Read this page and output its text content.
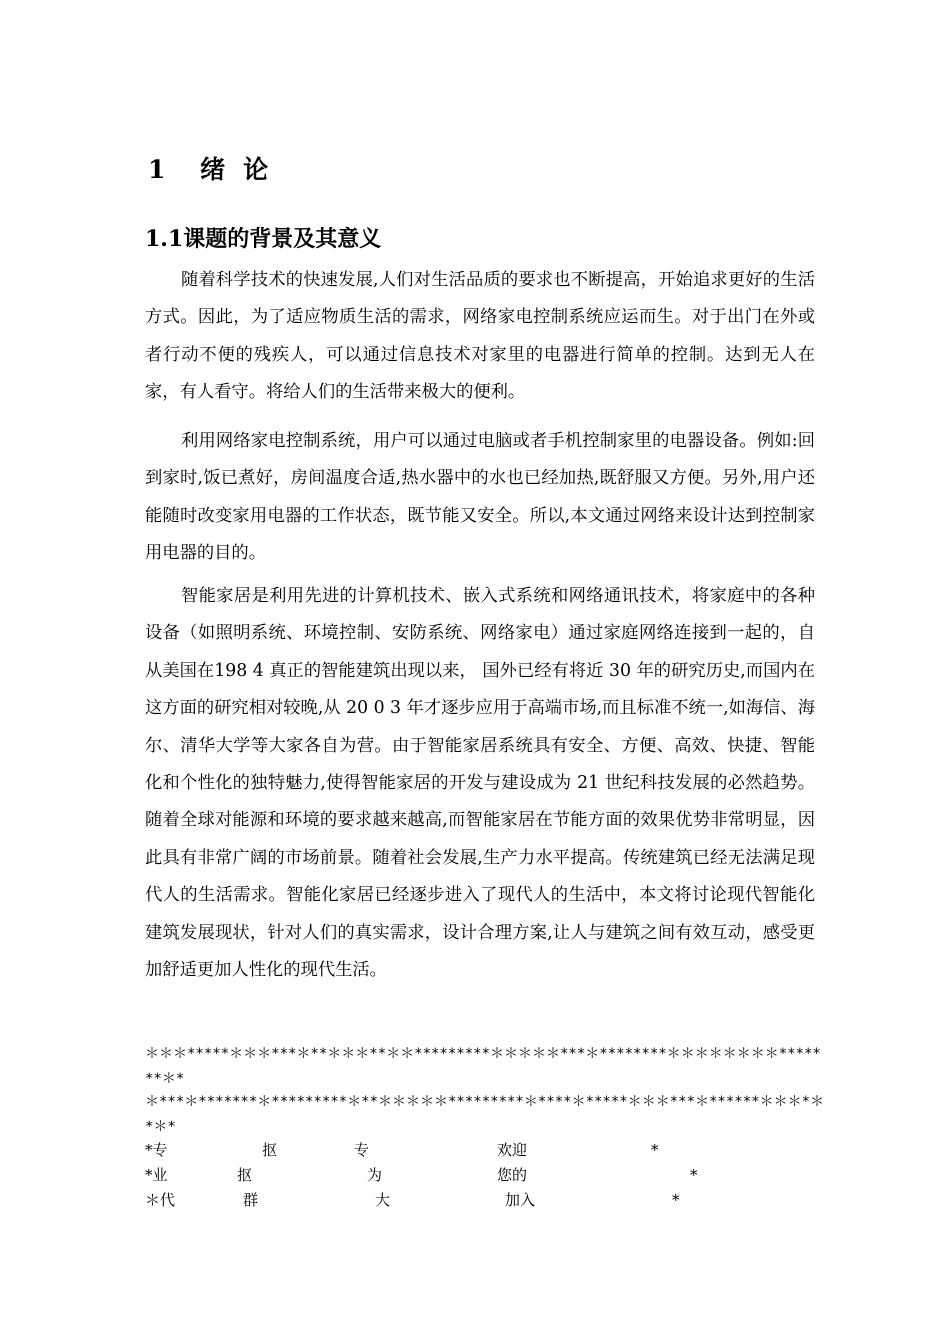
1 绪 论
1.1课题的背景及其意义

随着科学技术的快速发展,人们对生活品质的要求也不断提高，开始追求更好的生活方式。因此，为了适应物质生活的需求，网络家电控制系统应运而生。对于出门在外或者行动不便的残疾人，可以通过信息技术对家里的电器进行简单的控制。达到无人在家，有人看守。将给人们的生活带来极大的便利。

利用网络家电控制系统，用户可以通过电脑或者手机控制家里的电器设备。例如:回到家时,饭已煮好，房间温度合适,热水器中的水也已经加热,既舒服又方便。另外,用户还能随时改变家用电器的工作状态，既节能又安全。所以,本文通过网络来设计达到控制家用电器的目的。

智能家居是利用先进的计算机技术、嵌入式系统和网络通讯技术，将家庭中的各种设备（如照明系统、环境控制、安防系统、网络家电）通过家庭网络连接到一起的，自从美国在198 4 真正的智能建筑出现以来， 国外已经有将近 30 年的研究历史,而国内在这方面的研究相对较晚,从 20 0 3 年才逐步应用于高端市场,而且标准不统一,如海信、海尔、清华大学等大家各自为营。由于智能家居系统具有安全、方便、高效、快捷、智能化和个性化的独特魅力,使得智能家居的开发与建设成为 21 世纪科技发展的必然趋势。随着全球对能源和环境的要求越来越高,而智能家居在节能方面的效果优势非常明显，因此具有非常广阔的市场前景。随着社会发展,生产力水平提高。传统建筑已经无法满足现代人的生活需求。智能化家居已经逐步进入了现代人的生活中，本文将讨论现代智能化建筑发展现状，针对人们的真实需求，设计合理方案,让人与建筑之间有效互动，感受更加舒适更加人性化的现代生活。

＊＊＊*****＊＊＊***＊**＊＊＊**＊＊*********＊＊＊＊＊***＊********＊＊＊＊＊＊＊＊*******＊*
＊***＊*******＊*********＊**＊＊＊＊＊*********＊****＊*****＊＊＊***＊******＊＊＊*＊*＊*
*专	抠	专	欢迎	*
*业	抠	为	您的	*
＊代	群	大	加入	*
